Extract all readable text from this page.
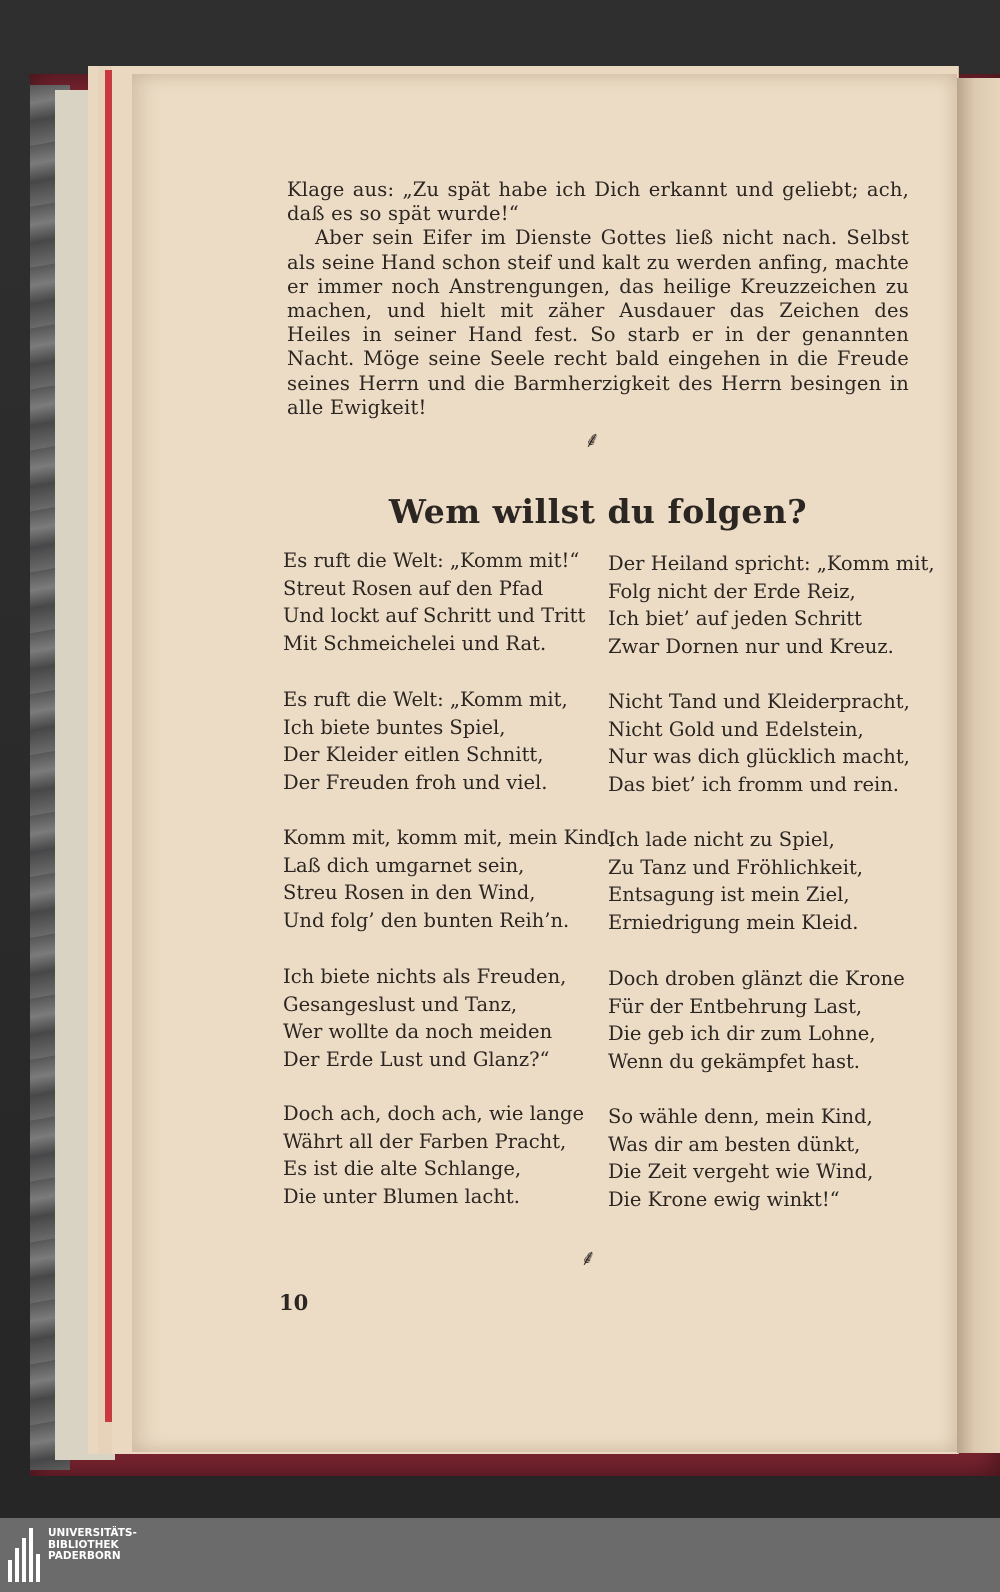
Klage aus: „Zu spät habe ich Dich erkannt und geliebt; ach, daß es so spät wurde!“

Aber sein Eifer im Dienste Gottes ließ nicht nach. Selbst als seine Hand schon steif und kalt zu werden anfing, machte er immer noch Anstrengungen, das heilige Kreuzzeichen zu machen, und hielt mit zäher Ausdauer das Zeichen des Heiles in seiner Hand fest. So starb er in der genannten Nacht. Möge seine Seele recht bald eingehen in die Freude seines Herrn und die Barmherzigkeit des Herrn besingen in alle Ewigkeit!

⸙
Wem willst du folgen?
Es ruft die Welt: „Komm mit!“
Streut Rosen auf den Pfad
Und lockt auf Schritt und Tritt
Mit Schmeichelei und Rat.
Es ruft die Welt: „Komm mit,
Ich biete buntes Spiel,
Der Kleider eitlen Schnitt,
Der Freuden froh und viel.
Komm mit, komm mit, mein Kind,
Laß dich umgarnet sein,
Streu Rosen in den Wind,
Und folg’ den bunten Reih’n.
Ich biete nichts als Freuden,
Gesangeslust und Tanz,
Wer wollte da noch meiden
Der Erde Lust und Glanz?“
Doch ach, doch ach, wie lange
Währt all der Farben Pracht,
Es ist die alte Schlange,
Die unter Blumen lacht.
Der Heiland spricht: „Komm mit,
Folg nicht der Erde Reiz,
Ich biet’ auf jeden Schritt
Zwar Dornen nur und Kreuz.
Nicht Tand und Kleiderpracht,
Nicht Gold und Edelstein,
Nur was dich glücklich macht,
Das biet’ ich fromm und rein.
Ich lade nicht zu Spiel,
Zu Tanz und Fröhlichkeit,
Entsagung ist mein Ziel,
Erniedrigung mein Kleid.
Doch droben glänzt die Krone
Für der Entbehrung Last,
Die geb ich dir zum Lohne,
Wenn du gekämpfet hast.
So wähle denn, mein Kind,
Was dir am besten dünkt,
Die Zeit vergeht wie Wind,
Die Krone ewig winkt!“
⸙
10
UNIVERSITÄTS-
BIBLIOTHEK
PADERBORN
